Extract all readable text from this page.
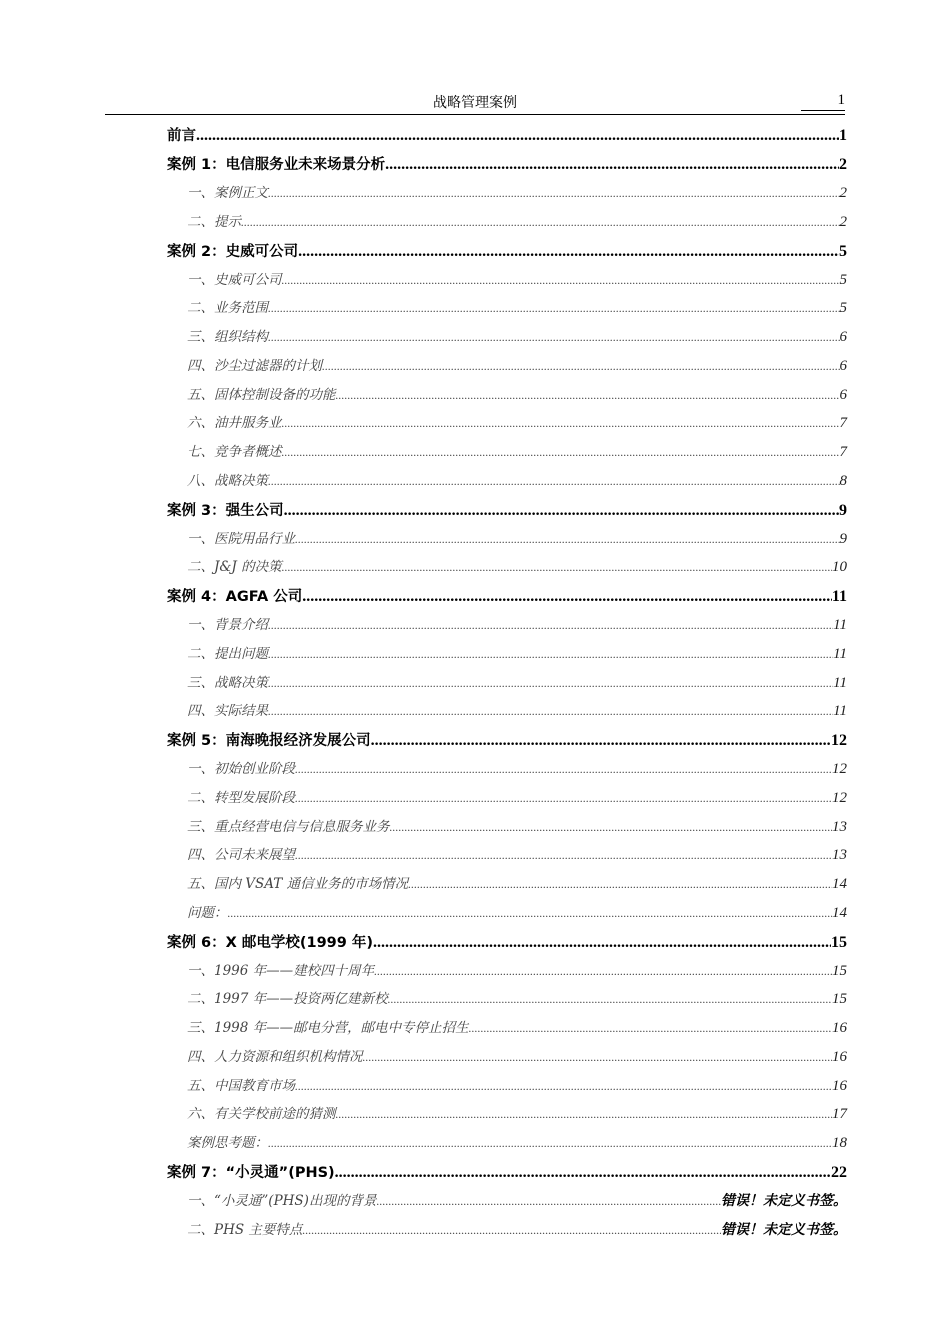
战略管理案例	1
前言 .....	1
案例 1：电信服务业未来场景分析 .....	2
一、案例正文 .....	2
二、提示 .....	2
案例 2：史威可公司 .....	5
一、史威可公司 .....	5
二、业务范围 .....	5
三、组织结构 .....	6
四、沙尘过滤器的计划 .....	6
五、固体控制设备的功能 .....	6
六、油井服务业 .....	7
七、竞争者概述 .....	7
八、战略决策 .....	8
案例 3：强生公司 .....	9
一、医院用品行业 .....	9
二、J&J 的决策 .....	10
案例 4：AGFA 公司 .....	11
一、背景介绍 .....	11
二、提出问题 .....	11
三、战略决策 .....	11
四、实际结果 .....	11
案例 5：南海晚报经济发展公司 .....	12
一、初始创业阶段 .....	12
二、转型发展阶段 .....	12
三、重点经营电信与信息服务业务 .....	13
四、公司未来展望 .....	13
五、国内 VSAT 通信业务的市场情况 .....	14
问题： .....	14
案例 6：X 邮电学校(1999 年) .....	15
一、1996 年——建校四十周年 .....	15
二、1997 年——投资两亿建新校 .....	15
三、1998 年——邮电分营，邮电中专停止招生 .....	16
四、人力资源和组织机构情况 .....	16
五、中国教育市场 .....	16
六、有关学校前途的猜测 .....	17
案例思考题： .....	18
案例 7：“小灵通”(PHS) .....	22
一、“小灵通”(PHS)出现的背景 .....	错误！未定义书签。
二、PHS 主要特点 .....	错误！未定义书签。
